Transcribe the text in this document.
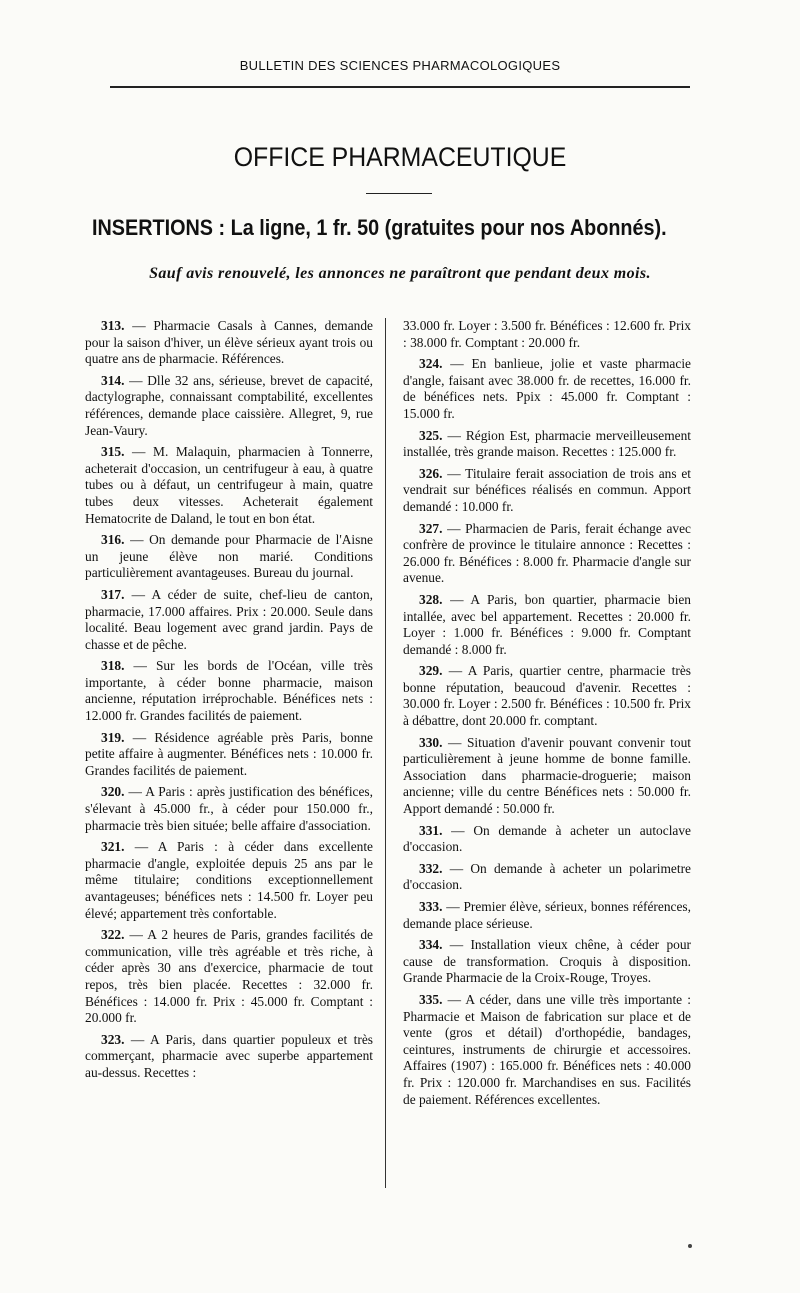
BULLETIN DES SCIENCES PHARMACOLOGIQUES
OFFICE PHARMACEUTIQUE
INSERTIONS : La ligne, 1 fr. 50 (gratuites pour nos Abonnés).
Sauf avis renouvelé, les annonces ne paraîtront que pendant deux mois.

313. — Pharmacie Casals à Cannes, demande pour la saison d'hiver, un élève sérieux ayant trois ou quatre ans de pharmacie. Références.

314. — Dlle 32 ans, sérieuse, brevet de capacité, dactylographe, connaissant comptabilité, excellentes références, demande place caissière. Allegret, 9, rue Jean-Vaury.

315. — M. Malaquin, pharmacien à Tonnerre, acheterait d'occasion, un centrifugeur à eau, à quatre tubes ou à défaut, un centrifugeur à main, quatre tubes deux vitesses. Acheterait également Hematocrite de Daland, le tout en bon état.

316. — On demande pour Pharmacie de l'Aisne un jeune élève non marié. Conditions particulièrement avantageuses. Bureau du journal.

317. — A céder de suite, chef-lieu de canton, pharmacie, 17.000 affaires. Prix : 20.000. Seule dans localité. Beau logement avec grand jardin. Pays de chasse et de pêche.

318. — Sur les bords de l'Océan, ville très importante, à céder bonne pharmacie, maison ancienne, réputation irréprochable. Bénéfices nets : 12.000 fr. Grandes facilités de paiement.

319. — Résidence agréable près Paris, bonne petite affaire à augmenter. Bénéfices nets : 10.000 fr. Grandes facilités de paiement.

320. — A Paris : après justification des bénéfices, s'élevant à 45.000 fr., à céder pour 150.000 fr., pharmacie très bien située; belle affaire d'association.

321. — A Paris : à céder dans excellente pharmacie d'angle, exploitée depuis 25 ans par le même titulaire; conditions exceptionnellement avantageuses; bénéfices nets : 14.500 fr. Loyer peu élevé; appartement très confortable.

322. — A 2 heures de Paris, grandes facilités de communication, ville très agréable et très riche, à céder après 30 ans d'exercice, pharmacie de tout repos, très bien placée. Recettes : 32.000 fr. Bénéfices : 14.000 fr. Prix : 45.000 fr. Comptant : 20.000 fr.

323. — A Paris, dans quartier populeux et très commerçant, pharmacie avec superbe appartement au-dessus. Recettes :

33.000 fr. Loyer : 3.500 fr. Bénéfices : 12.600 fr. Prix : 38.000 fr. Comptant : 20.000 fr.

324. — En banlieue, jolie et vaste pharmacie d'angle, faisant avec 38.000 fr. de recettes, 16.000 fr. de bénéfices nets. Ppix : 45.000 fr. Comptant : 15.000 fr.

325. — Région Est, pharmacie merveilleusement installée, très grande maison. Recettes : 125.000 fr.

326. — Titulaire ferait association de trois ans et vendrait sur bénéfices réalisés en commun. Apport demandé : 10.000 fr.

327. — Pharmacien de Paris, ferait échange avec confrère de province le titulaire annonce : Recettes : 26.000 fr. Bénéfices : 8.000 fr. Pharmacie d'angle sur avenue.

328. — A Paris, bon quartier, pharmacie bien intallée, avec bel appartement. Recettes : 20.000 fr. Loyer : 1.000 fr. Bénéfices : 9.000 fr. Comptant demandé : 8.000 fr.

329. — A Paris, quartier centre, pharmacie très bonne réputation, beaucoud d'avenir. Recettes : 30.000 fr. Loyer : 2.500 fr. Bénéfices : 10.500 fr. Prix à débattre, dont 20.000 fr. comptant.

330. — Situation d'avenir pouvant convenir tout particulièrement à jeune homme de bonne famille. Association dans pharmacie-droguerie; maison ancienne; ville du centre Bénéfices nets : 50.000 fr. Apport demandé : 50.000 fr.

331. — On demande à acheter un autoclave d'occasion.

332. — On demande à acheter un polarimetre d'occasion.

333. — Premier élève, sérieux, bonnes références, demande place sérieuse.

334. — Installation vieux chêne, à céder pour cause de transformation. Croquis à disposition. Grande Pharmacie de la Croix-Rouge, Troyes.

335. — A céder, dans une ville très importante : Pharmacie et Maison de fabrication sur place et de vente (gros et détail) d'orthopédie, bandages, ceintures, instruments de chirurgie et accessoires. Affaires (1907) : 165.000 fr. Bénéfices nets : 40.000 fr. Prix : 120.000 fr. Marchandises en sus. Facilités de paiement. Références excellentes.
